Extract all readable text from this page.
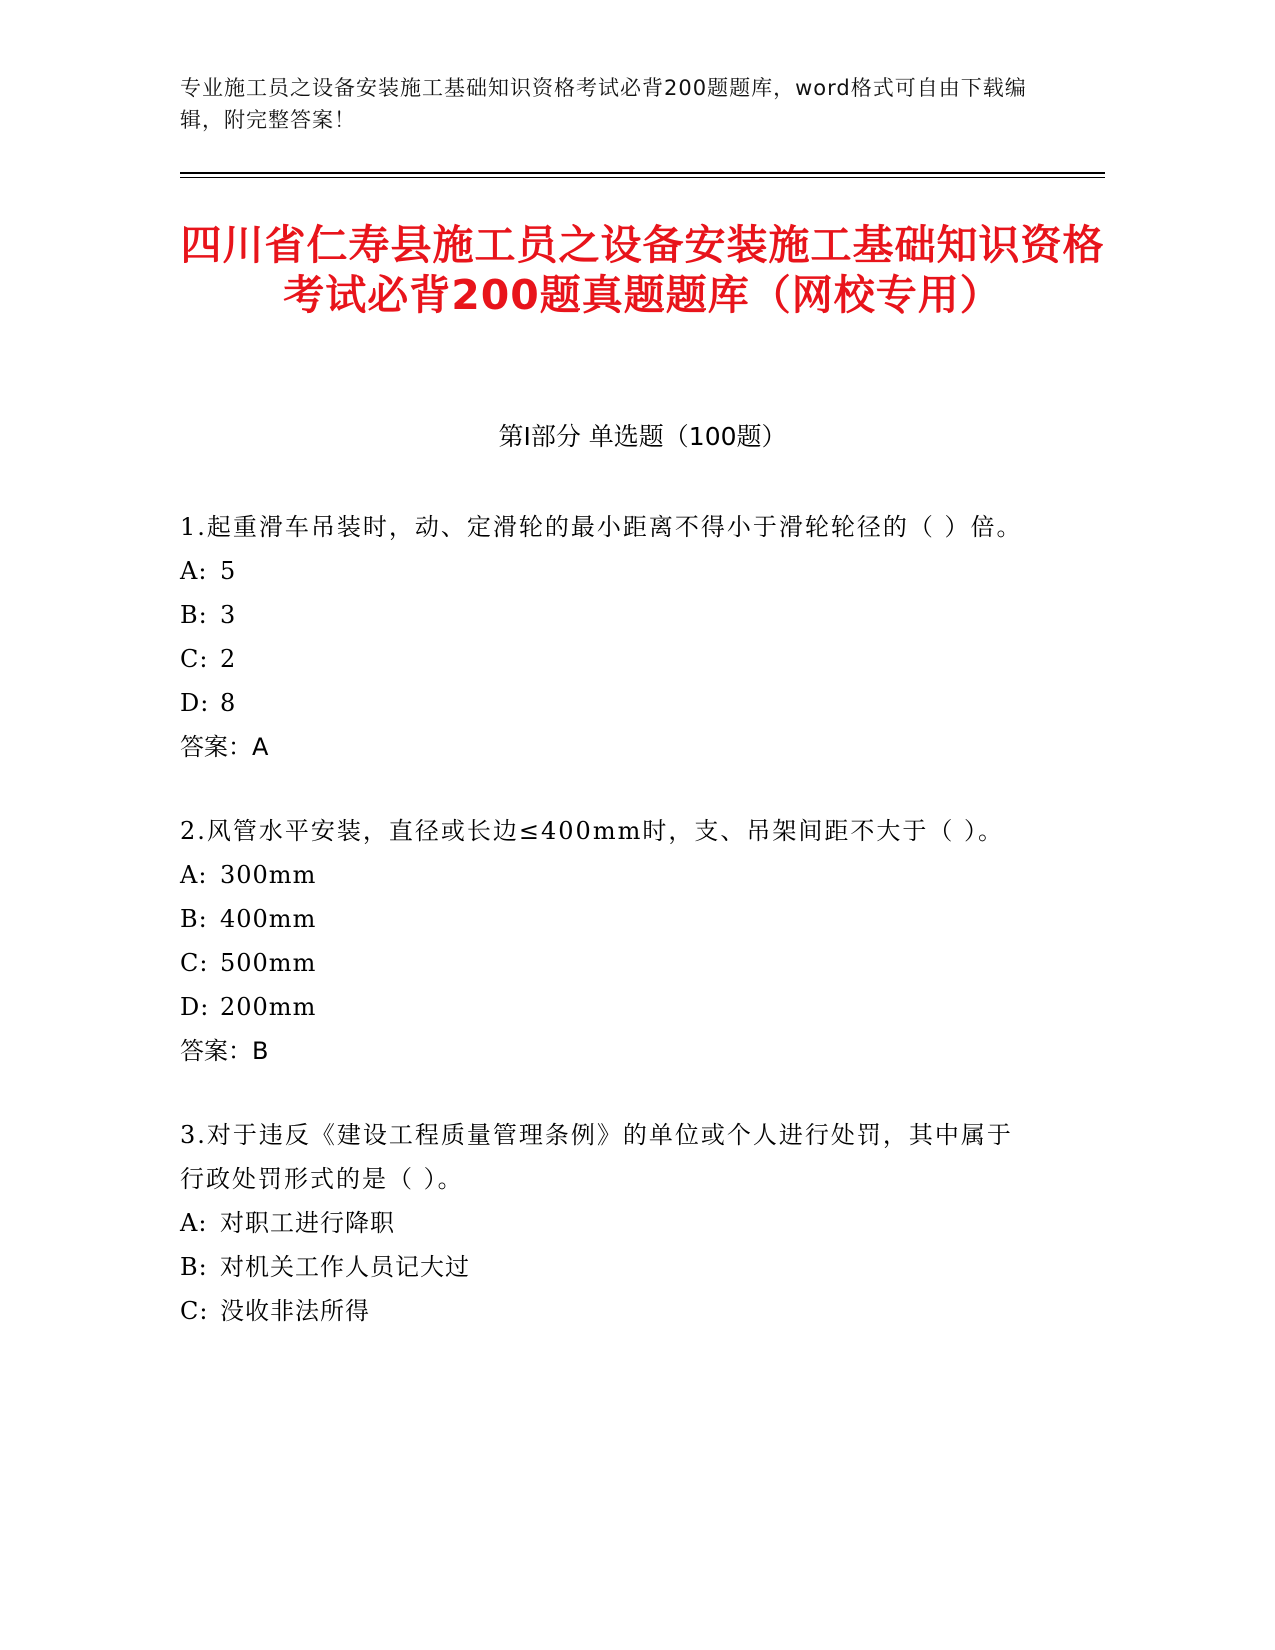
专业施工员之设备安装施工基础知识资格考试必背200题题库，word格式可自由下载编辑，附完整答案！
四川省仁寿县施工员之设备安装施工基础知识资格考试必背200题真题题库（网校专用）
第I部分 单选题（100题）
1.起重滑车吊装时，动、定滑轮的最小距离不得小于滑轮轮径的（ ）倍。
A: 5
B: 3
C: 2
D: 8
答案：A
2.风管水平安装，直径或长边≤400mm时，支、吊架间距不大于（ ）。
A: 300mm
B: 400mm
C: 500mm
D: 200mm
答案：B
3.对于违反《建设工程质量管理条例》的单位或个人进行处罚，其中属于行政处罚形式的是（ ）。
A: 对职工进行降职
B: 对机关工作人员记大过
C: 没收非法所得
